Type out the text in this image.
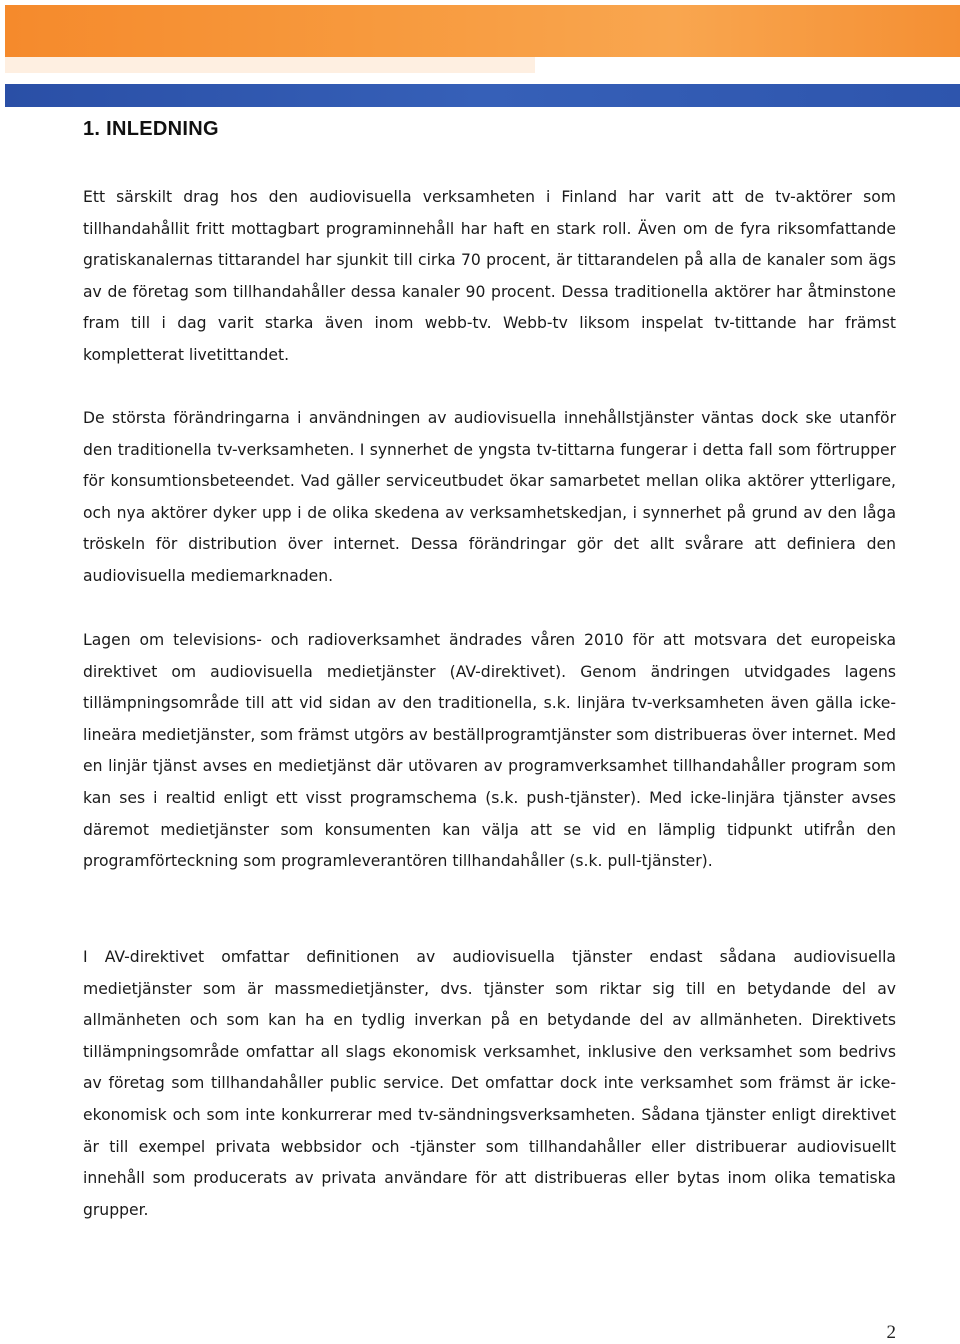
1. INLEDNING

Ett särskilt drag hos den audiovisuella verksamheten i Finland har varit att de tv-aktörer som tillhandahållit fritt mottagbart programinnehåll har haft en stark roll. Även om de fyra riksomfattande gratiskanalernas tittarandel har sjunkit till cirka 70 procent, är tittarandelen på alla de kanaler som ägs av de företag som tillhandahåller dessa kanaler 90 procent. Dessa traditionella aktörer har åtminstone fram till i dag varit starka även inom webb-tv. Webb-tv liksom inspelat tv-tittande har främst kompletterat livetittandet.

De största förändringarna i användningen av audiovisuella innehållstjänster väntas dock ske utanför den traditionella tv-verksamheten. I synnerhet de yngsta tv-tittarna fungerar i detta fall som förtrupper för konsumtionsbeteendet. Vad gäller serviceutbudet ökar samarbetet mellan olika aktörer ytterligare, och nya aktörer dyker upp i de olika skedena av verksamhetskedjan, i synnerhet på grund av den låga tröskeln för distribution över internet. Dessa förändringar gör det allt svårare att definiera den audiovisuella mediemarknaden.

Lagen om televisions- och radioverksamhet ändrades våren 2010 för att motsvara det europeiska direktivet om audiovisuella medietjänster (AV-direktivet). Genom ändringen utvidgades lagens tillämpningsområde till att vid sidan av den traditionella, s.k. linjära tv-verksamheten även gälla icke-lineära medietjänster, som främst utgörs av beställprogramtjänster som distribueras över internet. Med en linjär tjänst avses en medietjänst där utövaren av programverksamhet tillhandahåller program som kan ses i realtid enligt ett visst programschema (s.k. push-tjänster). Med icke-linjära tjänster avses däremot medietjänster som konsumenten kan välja att se vid en lämplig tidpunkt utifrån den programförteckning som programleverantören tillhandahåller (s.k. pull-tjänster).

I AV-direktivet omfattar definitionen av audiovisuella tjänster endast sådana audiovisuella medietjänster som är massmedietjänster, dvs. tjänster som riktar sig till en betydande del av allmänheten och som kan ha en tydlig inverkan på en betydande del av allmänheten. Direktivets tillämpningsområde omfattar all slags ekonomisk verksamhet, inklusive den verksamhet som bedrivs av företag som tillhandahåller public service. Det omfattar dock inte verksamhet som främst är icke-ekonomisk och som inte konkurrerar med tv-sändningsverksamheten. Sådana tjänster enligt direktivet är till exempel privata webbsidor och -tjänster som tillhandahåller eller distribuerar audiovisuellt innehåll som producerats av privata användare för att distribueras eller bytas inom olika tematiska grupper.

2
